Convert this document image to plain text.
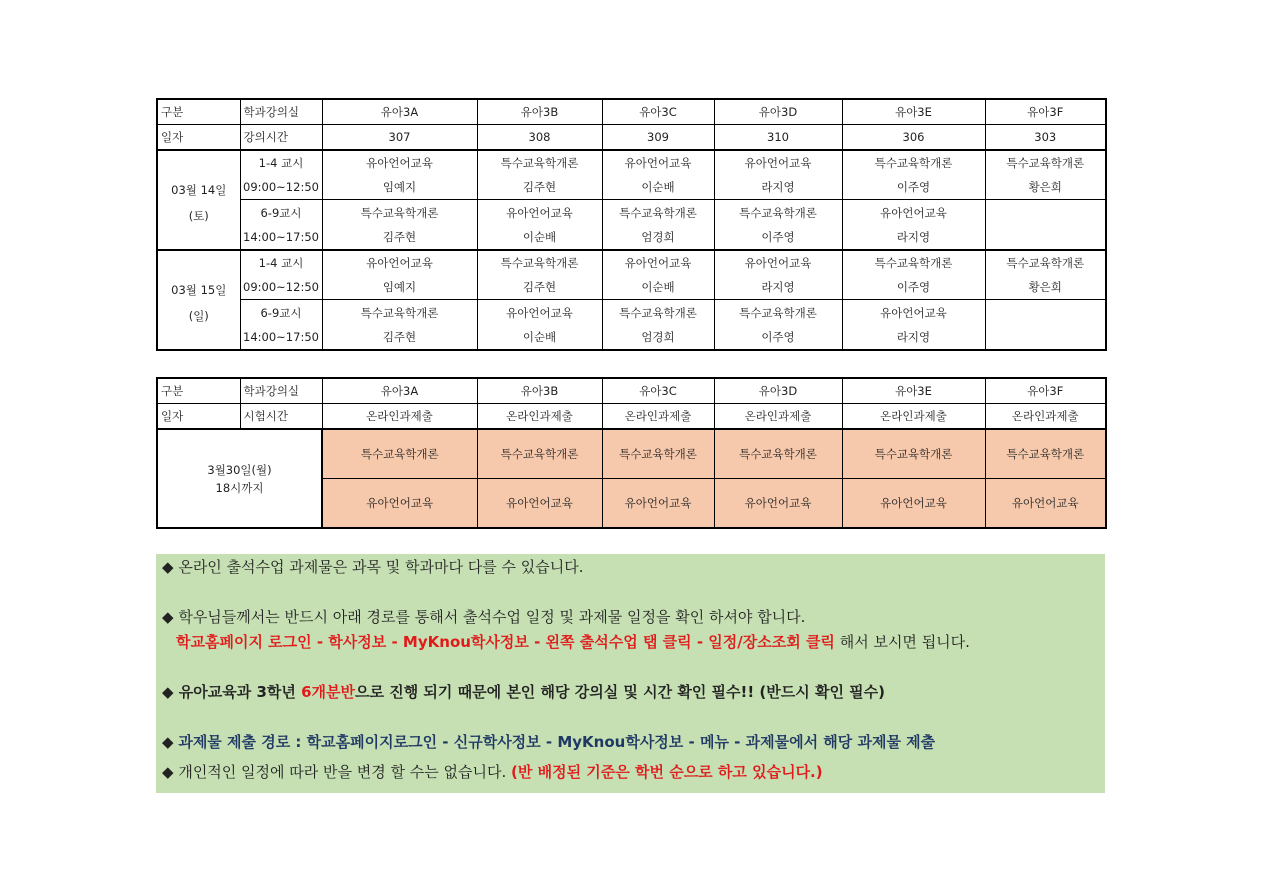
구분	학과강의실	유아3A	유아3B	유아3C	유아3D	유아3E	유아3F
일자	강의시간	307	308	309	310	306	303

03월 14일
(토)	1-4 교시	유아언어교육	특수교육학개론	유아언어교육	유아언어교육	특수교육학개론	특수교육학개론
	09:00~12:50	임예지	김주현	이순배	라지영	이주영	황은희
	6-9교시	특수교육학개론	유아언어교육	특수교육학개론	특수교육학개론	유아언어교육	
	14:00~17:50	김주현	이순배	엄경희	이주영	라지영	

03월 15일
(일)	1-4 교시	유아언어교육	특수교육학개론	유아언어교육	유아언어교육	특수교육학개론	특수교육학개론
	09:00~12:50	임예지	김주현	이순배	라지영	이주영	황은희
	6-9교시	특수교육학개론	유아언어교육	특수교육학개론	특수교육학개론	유아언어교육	
	14:00~17:50	김주현	이순배	엄경희	이주영	라지영	
구분	학과강의실	유아3A	유아3B	유아3C	유아3D	유아3E	유아3F
일자	시험시간	온라인과제출	온라인과제출	온라인과제출	온라인과제출	온라인과제출	온라인과제출

3월30일(월)
18시까지		특수교육학개론	특수교육학개론	특수교육학개론	특수교육학개론	특수교육학개론	특수교육학개론
		유아언어교육	유아언어교육	유아언어교육	유아언어교육	유아언어교육	유아언어교육
◆ 온라인 출석수업 과제물은 과목 및 학과마다 다를 수 있습니다.
◆ 학우님들께서는 반드시 아래 경로를 통해서 출석수업 일정 및 과제물 일정을 확인 하셔야 합니다.
학교홈페이지 로그인 - 학사정보 - MyKnou학사정보 - 왼쪽 출석수업 탭 클릭 - 일정/장소조회 클릭 해서 보시면 됩니다.
◆ 유아교육과 3학년 6개분반으로 진행 되기 때문에 본인 해당 강의실 및 시간 확인 필수!! (반드시 확인 필수)
◆ 과제물 제출 경로 : 학교홈페이지로그인 - 신규학사정보 - MyKnou학사정보 - 메뉴 - 과제물에서 해당 과제물 제출
◆ 개인적인 일정에 따라 반을 변경 할 수는 없습니다. (반 배정된 기준은 학번 순으로 하고 있습니다.)
